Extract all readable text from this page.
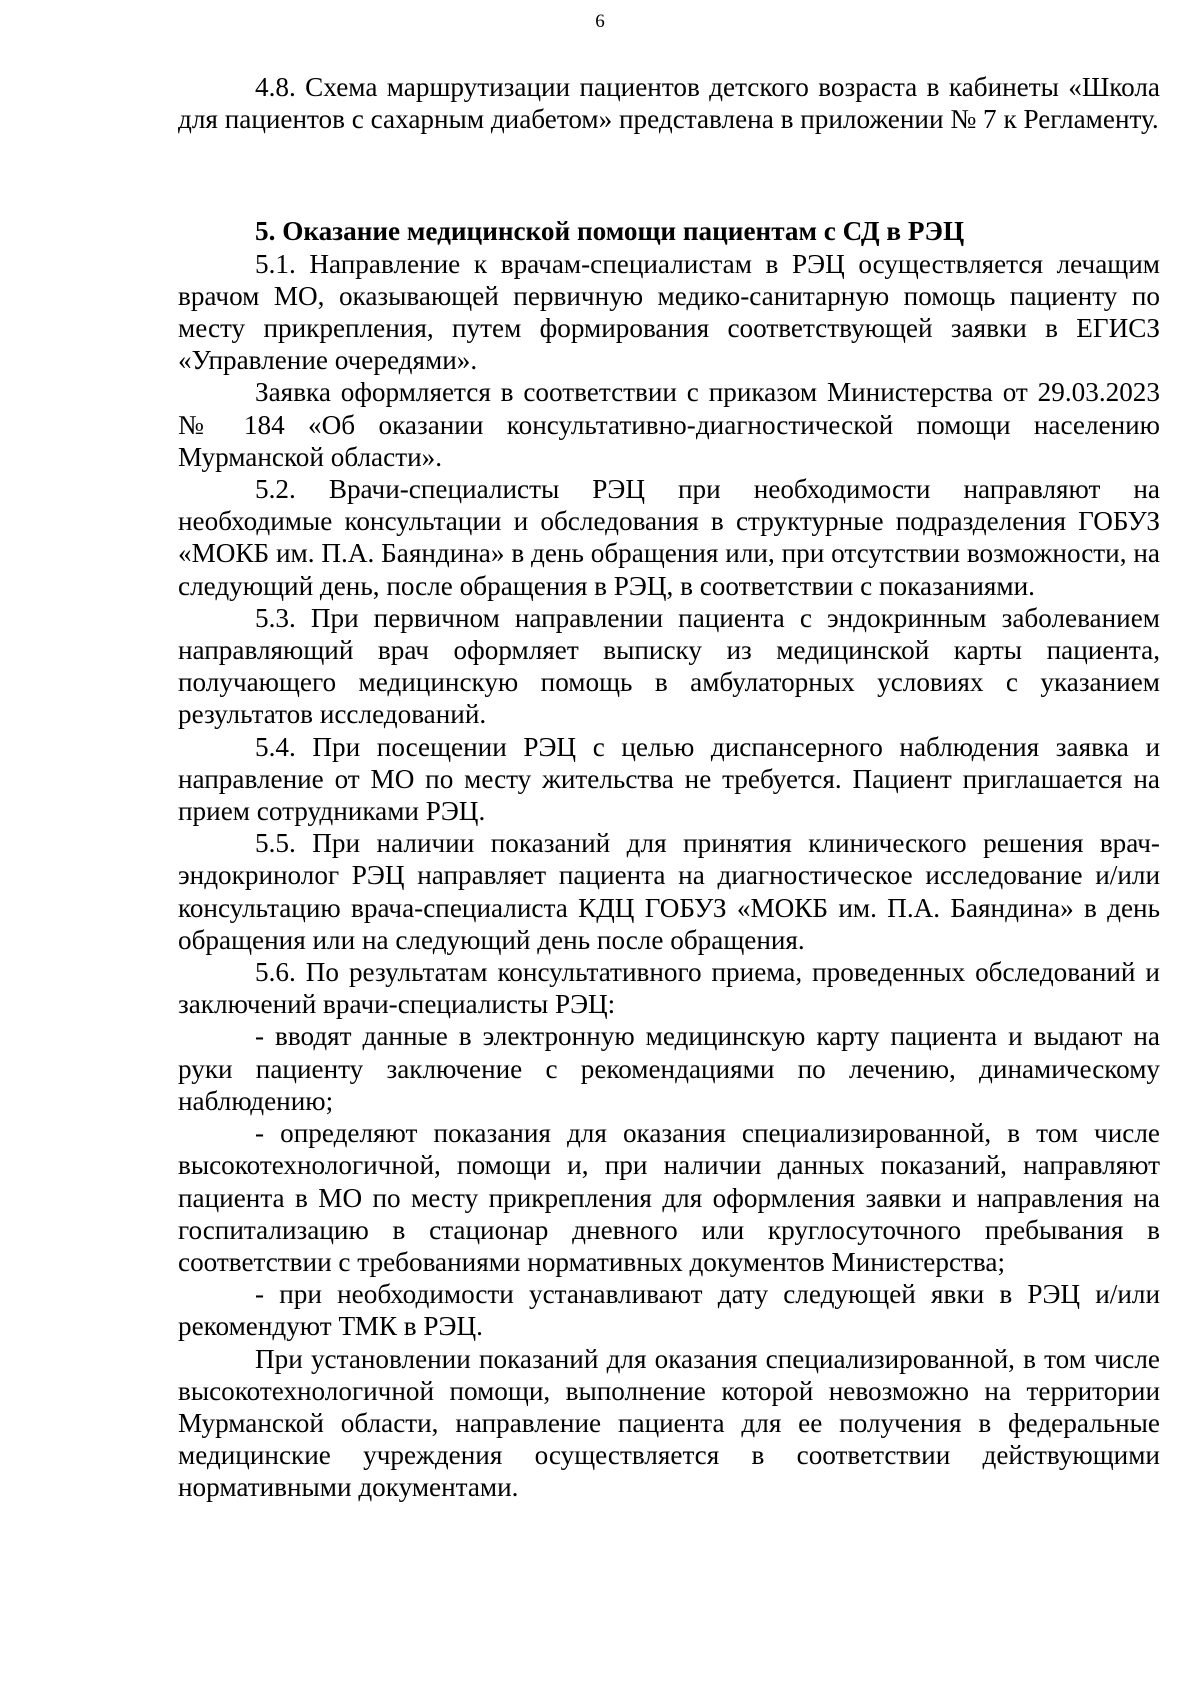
6

4.8. Схема маршрутизации пациентов детского возраста в кабинеты «Школа для пациентов с сахарным диабетом» представлена в приложении № 7 к Регламенту.

5. Оказание медицинской помощи пациентам с СД в РЭЦ

5.1. Направление к врачам-специалистам в РЭЦ осуществляется лечащим врачом МО, оказывающей первичную медико-санитарную помощь пациенту по месту прикрепления, путем формирования соответствующей заявки в ЕГИСЗ «Управление очередями».

Заявка оформляется в соответствии с приказом Министерства от 29.03.2023 № 184 «Об оказании консультативно-диагностической помощи населению Мурманской области».

5.2. Врачи-специалисты РЭЦ при необходимости направляют на необходимые консультации и обследования в структурные подразделения ГОБУЗ «МОКБ им. П.А. Баяндина» в день обращения или, при отсутствии возможности, на следующий день, после обращения в РЭЦ, в соответствии с показаниями.

5.3. При первичном направлении пациента с эндокринным заболеванием направляющий врач оформляет выписку из медицинской карты пациента, получающего медицинскую помощь в амбулаторных условиях с указанием результатов исследований.

5.4. При посещении РЭЦ с целью диспансерного наблюдения заявка и направление от МО по месту жительства не требуется. Пациент приглашается на прием сотрудниками РЭЦ.

5.5. При наличии показаний для принятия клинического решения врач-эндокринолог РЭЦ направляет пациента на диагностическое исследование и/или консультацию врача-специалиста КДЦ ГОБУЗ «МОКБ им. П.А. Баяндина» в день обращения или на следующий день после обращения.

5.6. По результатам консультативного приема, проведенных обследований и заключений врачи-специалисты РЭЦ:

- вводят данные в электронную медицинскую карту пациента и выдают на руки пациенту заключение с рекомендациями по лечению, динамическому наблюдению;

- определяют показания для оказания специализированной, в том числе высокотехнологичной, помощи и, при наличии данных показаний, направляют пациента в МО по месту прикрепления для оформления заявки и направления на госпитализацию в стационар дневного или круглосуточного пребывания в соответствии с требованиями нормативных документов Министерства;

- при необходимости устанавливают дату следующей явки в РЭЦ и/или рекомендуют ТМК в РЭЦ.

При установлении показаний для оказания специализированной, в том числе высокотехнологичной помощи, выполнение которой невозможно на территории Мурманской области, направление пациента для ее получения в федеральные медицинские учреждения осуществляется в соответствии действующими нормативными документами.
